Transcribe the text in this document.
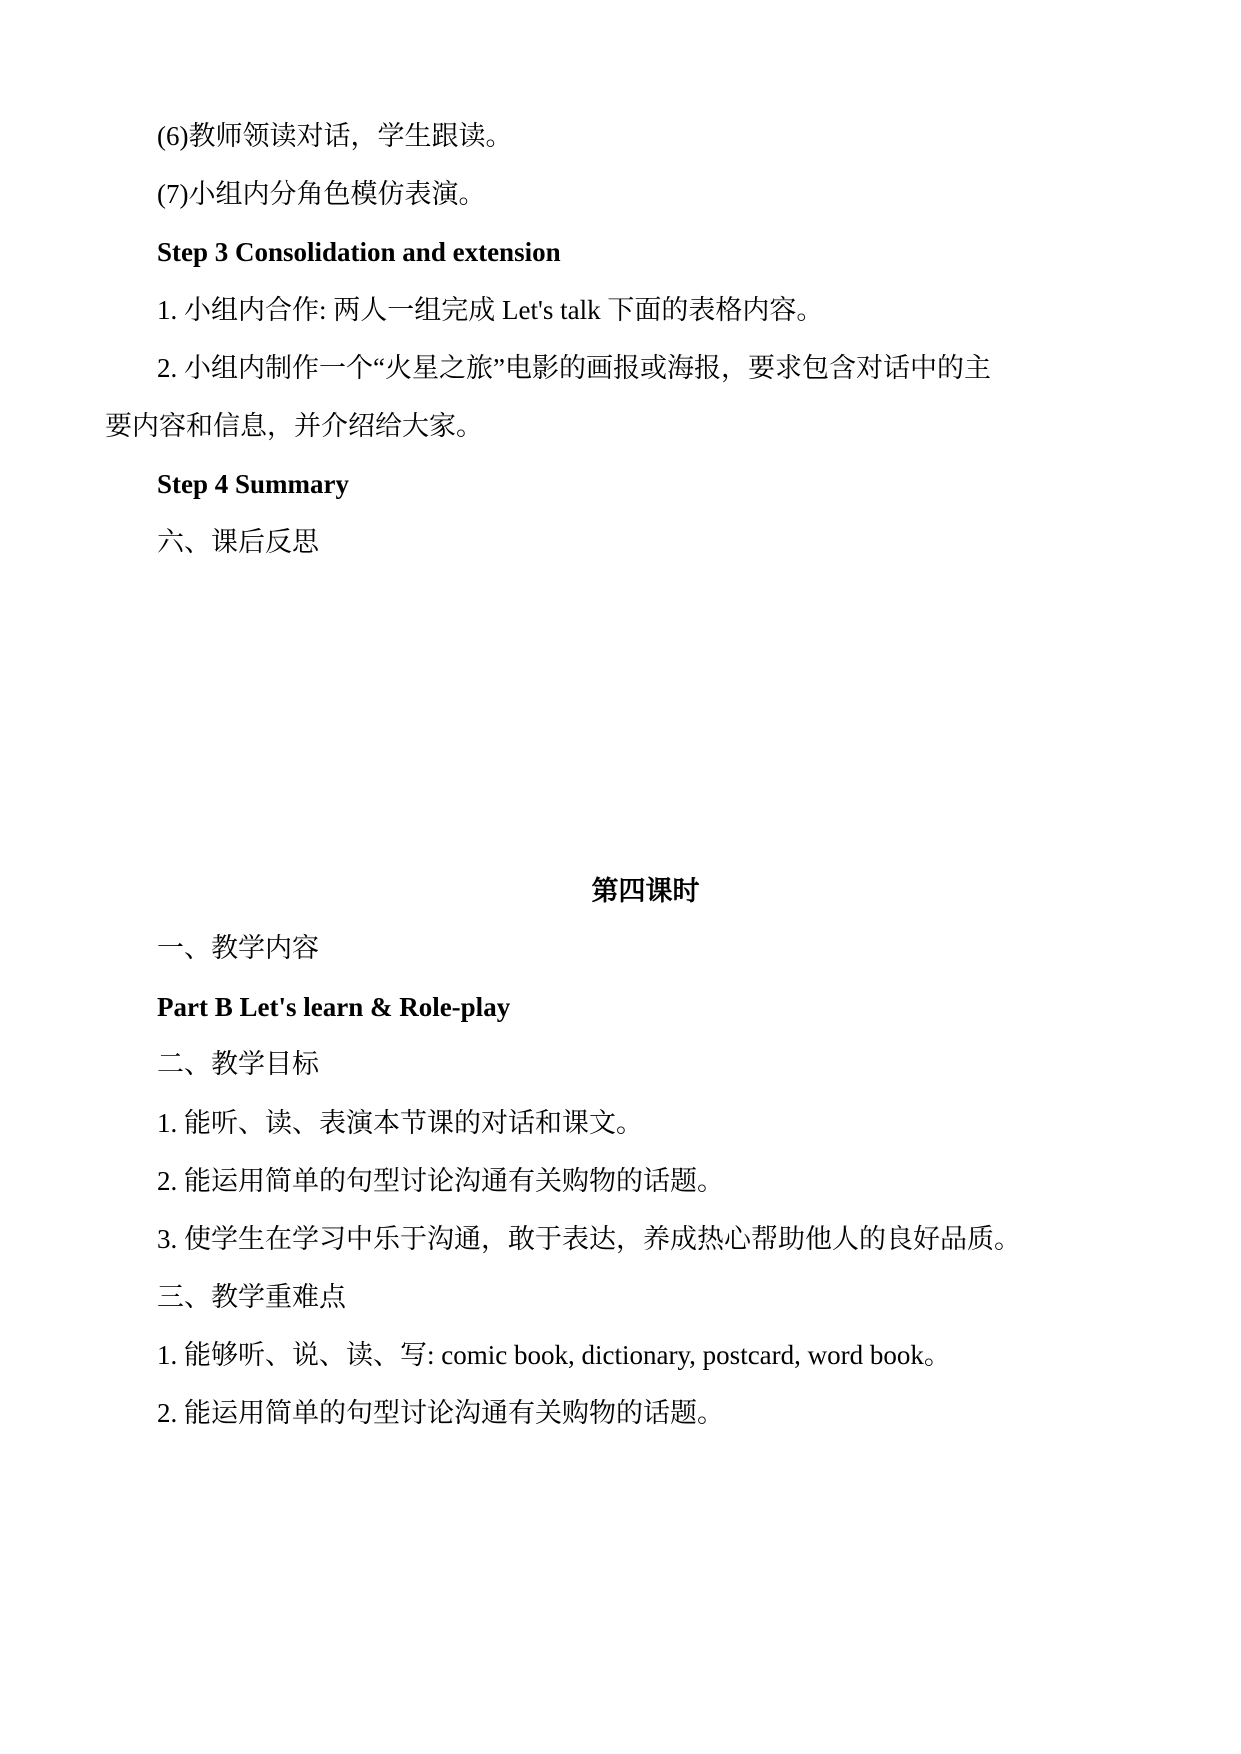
(6)教师领读对话，学生跟读。
(7)小组内分角色模仿表演。
Step 3 Consolidation and extension
1. 小组内合作: 两人一组完成 Let's talk 下面的表格内容。
2. 小组内制作一个“火星之旅”电影的画报或海报，要求包含对话中的主
要内容和信息，并介绍给大家。
Step 4 Summary
六、课后反思
第四课时
一、教学内容
Part B Let's learn & Role-play
二、教学目标
1. 能听、读、表演本节课的对话和课文。
2. 能运用简单的句型讨论沟通有关购物的话题。
3. 使学生在学习中乐于沟通，敢于表达，养成热心帮助他人的良好品质。
三、教学重难点
1. 能够听、说、读、写: comic book, dictionary, postcard, word book。
2. 能运用简单的句型讨论沟通有关购物的话题。
